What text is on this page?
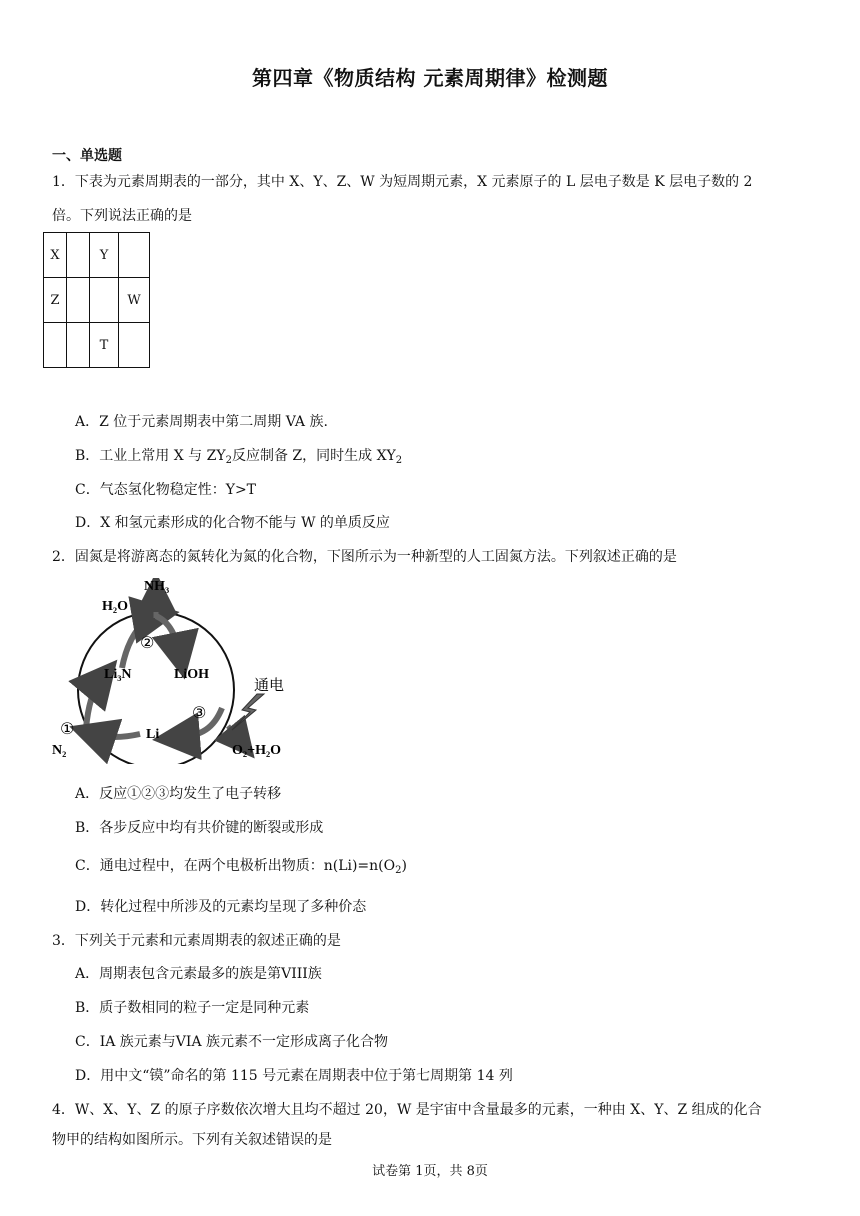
第四章《物质结构 元素周期律》检测题
一、单选题
1．下表为元素周期表的一部分，其中 X、Y、Z、W 为短周期元素，X 元素原子的 L 层电子数是 K 层电子数的 2
倍。下列说法正确的是
X		Y	
Z			W
		T	
A．Z 位于元素周期表中第二周期 VA 族.
B．工业上常用 X 与 $ZY_2$反应制备 Z，同时生成 $XY_2$
C．气态氢化物稳定性：Y>T
D．X 和氢元素形成的化合物不能与 W 的单质反应
2．固氮是将游离态的氮转化为氮的化合物，下图所示为一种新型的人工固氮方法。下列叙述正确的是
NH₃
H₂O
②
Li₃N	LiOH
通电
③
①	Li
N₂	O₂+H₂O
A．反应①②③均发生了电子转移
B．各步反应中均有共价键的断裂或形成
C．通电过程中，在两个电极析出物质：$n(Li)=n(O_2)$
D．转化过程中所涉及的元素均呈现了多种价态
3．下列关于元素和元素周期表的叙述正确的是
A．周期表包含元素最多的族是第VIII族
B．质子数相同的粒子一定是同种元素
C．IA 族元素与VIA 族元素不一定形成离子化合物
D．用中文“镆”命名的第 115 号元素在周期表中位于第七周期第 14 列
4．W、X、Y、Z 的原子序数依次增大且均不超过 20，W 是宇宙中含量最多的元素，一种由 X、Y、Z 组成的化合
物甲的结构如图所示。下列有关叙述错误的是
试卷第 1页，共 8页
